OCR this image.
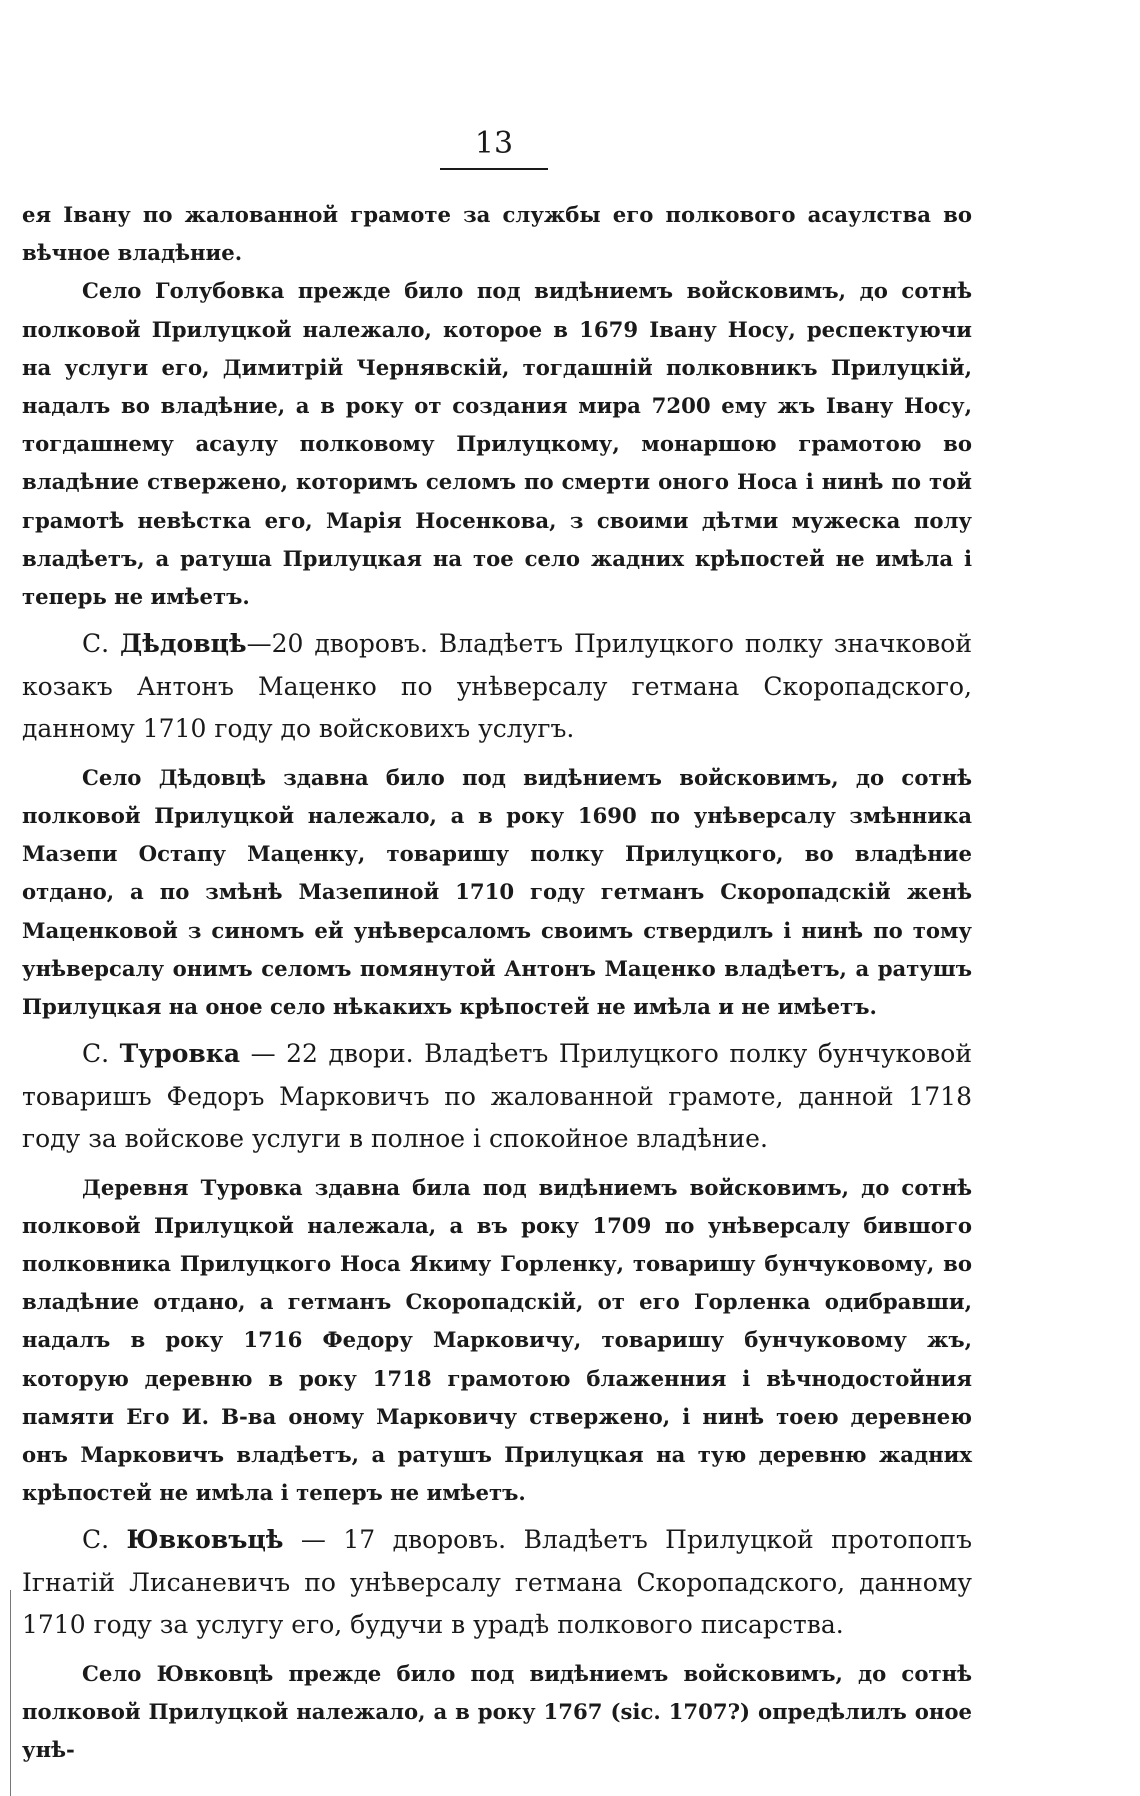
13

ея Івану по жалованной грамоте за службы его полкового асаулства во вѣчное владѣние.

Село Голубовка прежде било под видѣниемъ войсковимъ, до сотнѣ полковой Прилуцкой належало, которое в 1679 Івану Носу, респектуючи на услуги его, Димитрій Чернявскій, тогдашній полковникъ Прилуцкій, надалъ во владѣние, а в року от создания мира 7200 ему жъ Івану Носу, тогдашнему асаулу полковому Прилуцкому, монаршою грамотою во владѣние ствержено, которимъ селомъ по смерти оного Носа і нинѣ по той грамотѣ невѣстка его, Марія Носенкова, з своими дѣтми мужеска полу владѣетъ, а ратуша Прилуцкая на тое село жадних крѣпостей не имѣла і теперь не имѣетъ.

С. Дѣдовцѣ—20 дворовъ. Владѣетъ Прилуцкого полку значковой козакъ Антонъ Маценко по унѣверсалу гетмана Скоропадского, данному 1710 году до войсковихъ услугъ.

Село Дѣдовцѣ здавна било под видѣниемъ войсковимъ, до сотнѣ полковой Прилуцкой належало, а в року 1690 по унѣверсалу змѣнника Мазепи Остапу Маценку, товаришу полку Прилуцкого, во владѣние отдано, а по змѣнѣ Мазепиной 1710 году гетманъ Скоропадскій женѣ Маценковой з синомъ ей унѣверсаломъ своимъ ствердилъ і нинѣ по тому унѣверсалу онимъ селомъ помянутой Антонъ Маценко владѣетъ, а ратушъ Прилуцкая на оное село нѣкакихъ крѣпостей не имѣла и не имѣетъ.

С. Туровка — 22 двори. Владѣетъ Прилуцкого полку бунчуковой товаришъ Федоръ Марковичъ по жалованной грамоте, данной 1718 году за войскове услуги в полное і спокойное владѣние.

Деревня Туровка здавна била под видѣниемъ войсковимъ, до сотнѣ полковой Прилуцкой належала, а въ року 1709 по унѣверсалу бившого полковника Прилуцкого Носа Якиму Горленку, товаришу бунчуковому, во владѣние отдано, а гетманъ Скоропадскій, от его Горленка одибравши, надалъ в року 1716 Федору Марковичу, товаришу бунчуковому жъ, которую деревню в року 1718 грамотою блаженния і вѣчнодостойния памяти Его И. В-ва оному Марковичу ствержено, і нинѣ тоею деревнею онъ Марковичъ владѣетъ, а ратушъ Прилуцкая на тую деревню жадних крѣпостей не имѣла і теперъ не имѣетъ.

С. Ювковъцѣ — 17 дворовъ. Владѣетъ Прилуцкой протопопъ Ігнатій Лисаневичъ по унѣверсалу гетмана Скоропадского, данному 1710 году за услугу его, будучи в урадѣ полкового писарства.

Село Ювковцѣ прежде било под видѣниемъ войсковимъ, до сотнѣ полковой Прилуцкой належало, а в року 1767 (sic. 1707?) опредѣлилъ оное унѣ-
